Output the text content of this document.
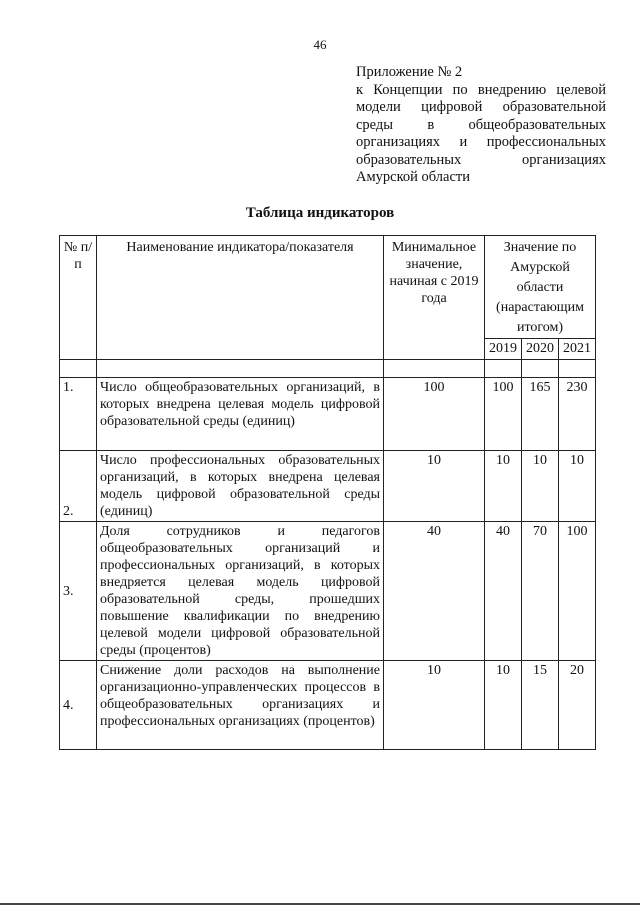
46
Приложение № 2
к Концепции по внедрению целевой
модели цифровой образовательной
среды в общеобразовательных
организациях и профессиональных
образовательных организациях
Амурской области
Таблица индикаторов
№ п/п	Наименование индикатора/показателя	Минимальное значение, начиная с 2019 года	Значение по Амурской области (нарастающим итогом)		
			2019	2020	2021

1.	Число общеобразовательных организаций, в которых внедрена целевая модель цифровой образовательной среды (единиц)	100	100	165	230
2.	Число профессиональных образовательных организаций, в которых внедрена целевая модель цифровой образовательной среды (единиц)	10	10	10	10
3.	Доля сотрудников и педагогов общеобразовательных организаций и профессиональных организаций, в которых внедряется целевая модель цифровой образовательной среды, прошедших повышение квалификации по внедрению целевой модели цифровой образовательной среды (процентов)	40	40	70	100
4.	Снижение доли расходов на выполнение организационно-управленческих процессов в общеобразовательных организациях и профессиональных организациях (процентов)	10	10	15	20
